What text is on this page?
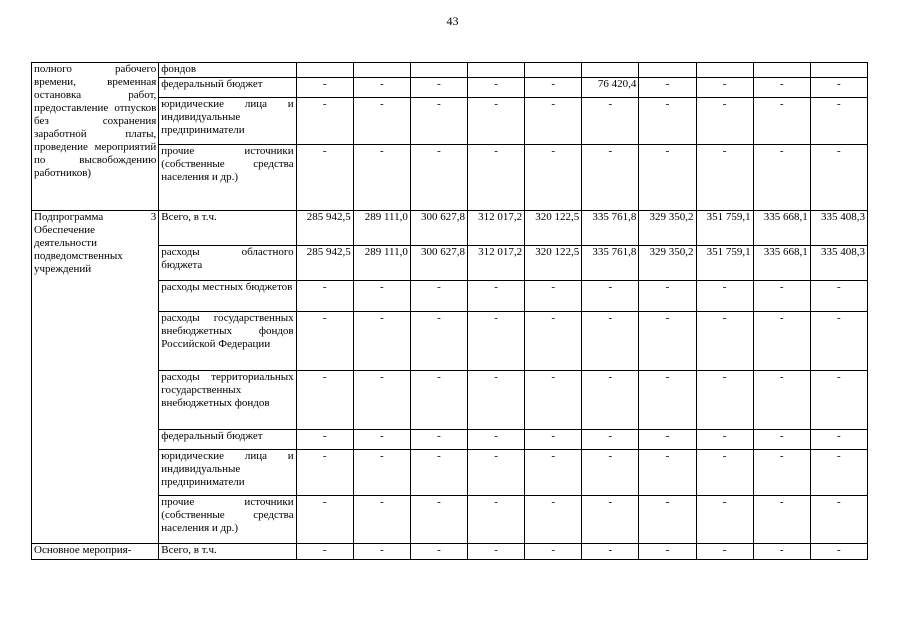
43
полного рабочего времени, временная остановка работ, предоставление отпусков без сохранения заработной платы, проведение мероприятий по высвобождению работников)	фондов										
	федеральный бюджет	-	-	-	-	-	76 420,4	-	-	-	-
	юридические лица и индивидуальные предприниматели	-	-	-	-	-	-	-	-	-	-
	прочие источники (собственные средства населения и др.)	-	-	-	-	-	-	-	-	-	-
Подпрограмма 3 Обеспечение деятельности подведомственных учреждений	Всего, в т.ч.	285 942,5	289 111,0	300 627,8	312 017,2	320 122,5	335 761,8	329 350,2	351 759,1	335 668,1	335 408,3
	расходы областного бюджета	285 942,5	289 111,0	300 627,8	312 017,2	320 122,5	335 761,8	329 350,2	351 759,1	335 668,1	335 408,3
	расходы местных бюджетов	-	-	-	-	-	-	-	-	-	-
	расходы государственных внебюджетных фондов Российской Федерации	-	-	-	-	-	-	-	-	-	-
	расходы территориальных государственных внебюджетных фондов	-	-	-	-	-	-	-	-	-	-
	федеральный бюджет	-	-	-	-	-	-	-	-	-	-
	юридические лица и индивидуальные предприниматели	-	-	-	-	-	-	-	-	-	-
	прочие источники (собственные средства населения и др.)	-	-	-	-	-	-	-	-	-	-
Основное мероприя-	Всего, в т.ч.	-	-	-	-	-	-	-	-	-	-
